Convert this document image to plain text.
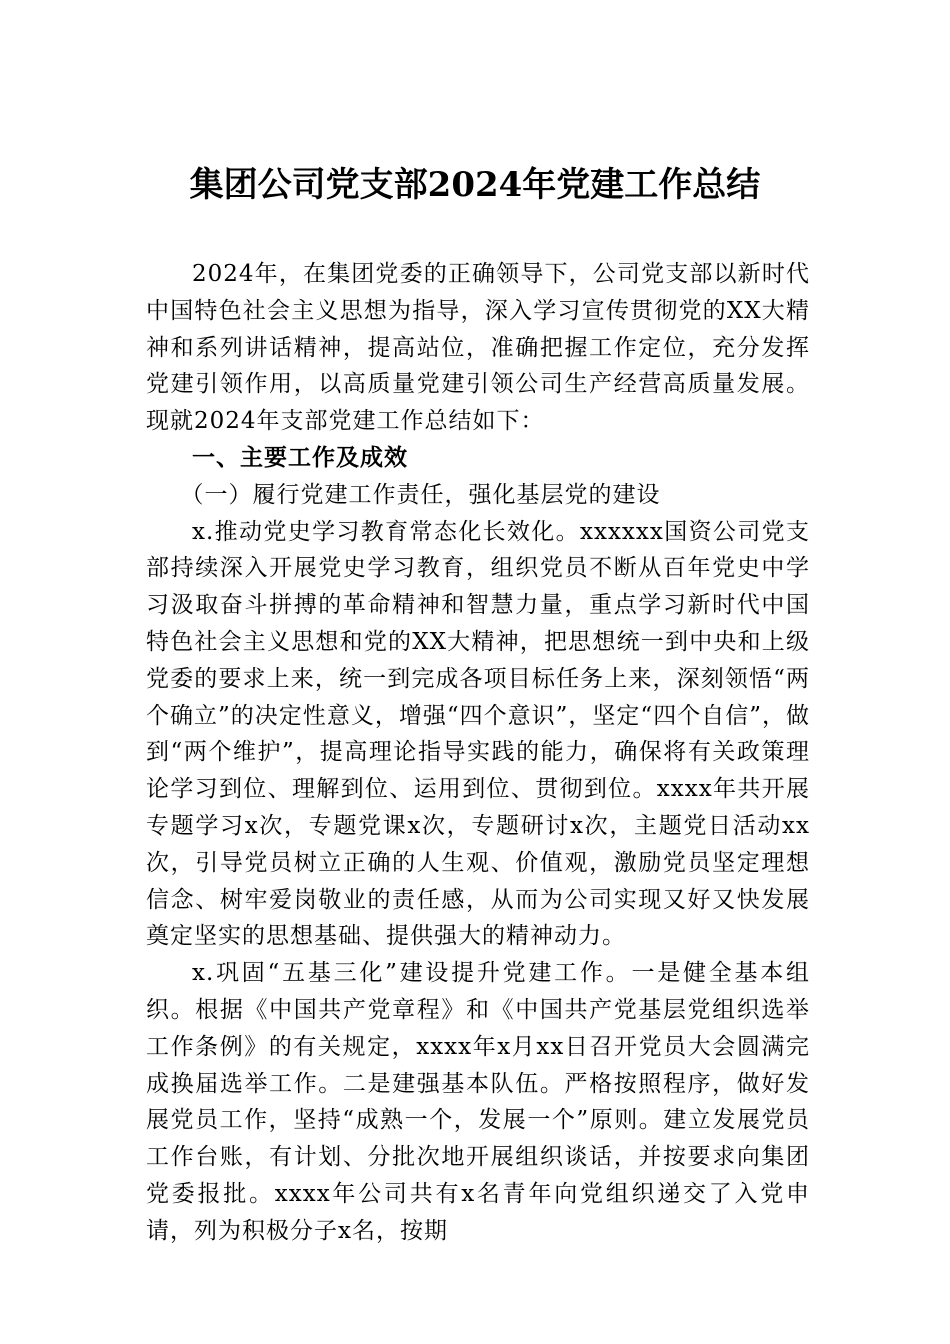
集团公司党支部2024年党建工作总结

2024年，在集团党委的正确领导下，公司党支部以新时代中国特色社会主义思想为指导，深入学习宣传贯彻党的XX大精神和系列讲话精神，提高站位，准确把握工作定位，充分发挥党建引领作用，以高质量党建引领公司生产经营高质量发展。现就2024年支部党建工作总结如下：

一、主要工作及成效
（一）履行党建工作责任，强化基层党的建设

x.推动党史学习教育常态化长效化。xxxxxx国资公司党支部持续深入开展党史学习教育，组织党员不断从百年党史中学习汲取奋斗拼搏的革命精神和智慧力量，重点学习新时代中国特色社会主义思想和党的XX大精神，把思想统一到中央和上级党委的要求上来，统一到完成各项目标任务上来，深刻领悟“两个确立”的决定性意义，增强“四个意识”，坚定“四个自信”，做到“两个维护”，提高理论指导实践的能力，确保将有关政策理论学习到位、理解到位、运用到位、贯彻到位。xxxx年共开展专题学习x次，专题党课x次，专题研讨x次，主题党日活动xx次，引导党员树立正确的人生观、价值观，激励党员坚定理想信念、树牢爱岗敬业的责任感，从而为公司实现又好又快发展奠定坚实的思想基础、提供强大的精神动力。

x.巩固“五基三化”建设提升党建工作。一是健全基本组织。根据《中国共产党章程》和《中国共产党基层党组织选举工作条例》的有关规定，xxxx年x月xx日召开党员大会圆满完成换届选举工作。二是建强基本队伍。严格按照程序，做好发展党员工作，坚持“成熟一个，发展一个”原则。建立发展党员工作台账，有计划、分批次地开展组织谈话，并按要求向集团党委报批。xxxx年公司共有x名青年向党组织递交了入党申请，列为积极分子x名，按期
